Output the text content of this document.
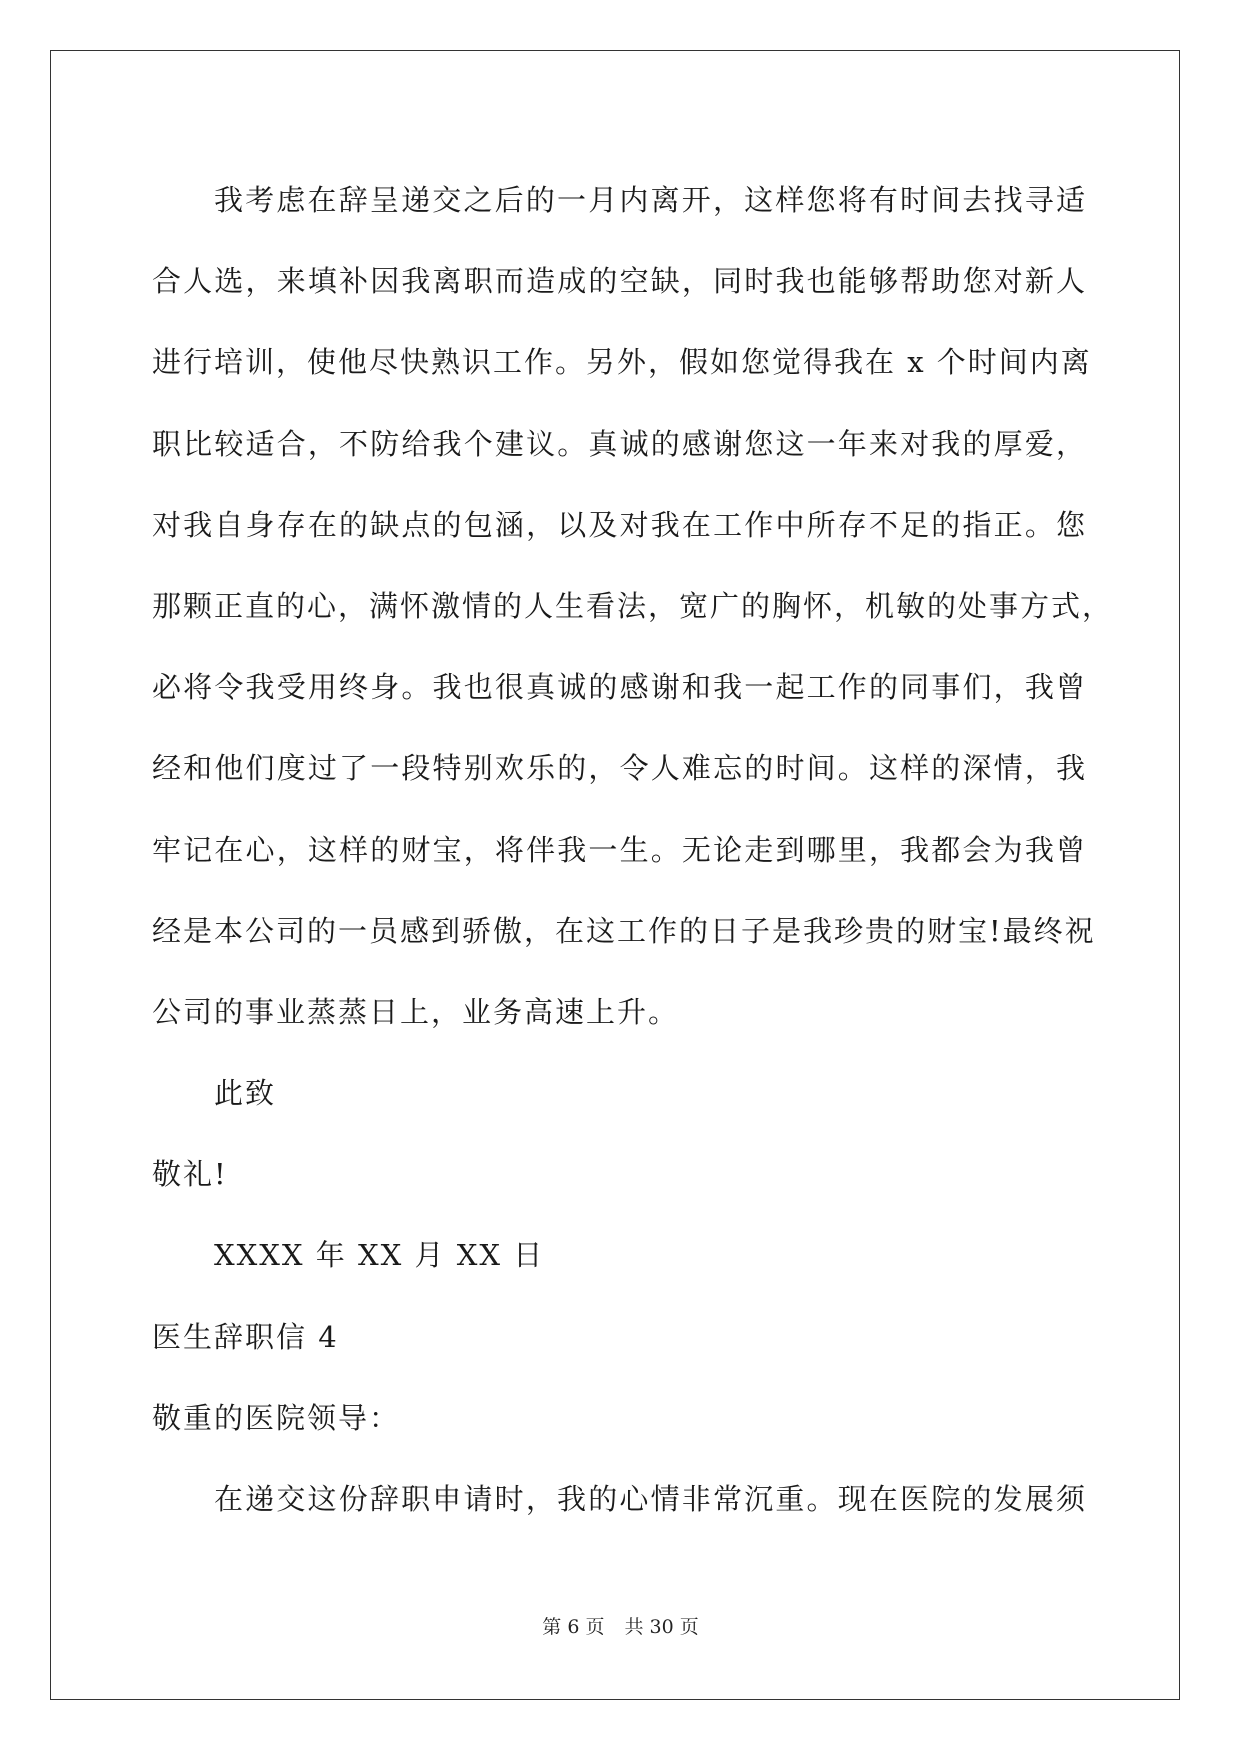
我考虑在辞呈递交之后的一月内离开，这样您将有时间去找寻适
合人选，来填补因我离职而造成的空缺，同时我也能够帮助您对新人
进行培训，使他尽快熟识工作。另外，假如您觉得我在 x 个时间内离
职比较适合，不防给我个建议。真诚的感谢您这一年来对我的厚爱，
对我自身存在的缺点的包涵，以及对我在工作中所存不足的指正。您
那颗正直的心，满怀激情的人生看法，宽广的胸怀，机敏的处事方式，
必将令我受用终身。我也很真诚的感谢和我一起工作的同事们，我曾
经和他们度过了一段特别欢乐的，令人难忘的时间。这样的深情，我
牢记在心，这样的财宝，将伴我一生。无论走到哪里，我都会为我曾
经是本公司的一员感到骄傲，在这工作的日子是我珍贵的财宝!最终祝
公司的事业蒸蒸日上，业务高速上升。
此致
敬礼!
XXXX 年 XX 月 XX 日
医生辞职信 4
敬重的医院领导：
在递交这份辞职申请时，我的心情非常沉重。现在医院的发展须
第 6 页 共 30 页
